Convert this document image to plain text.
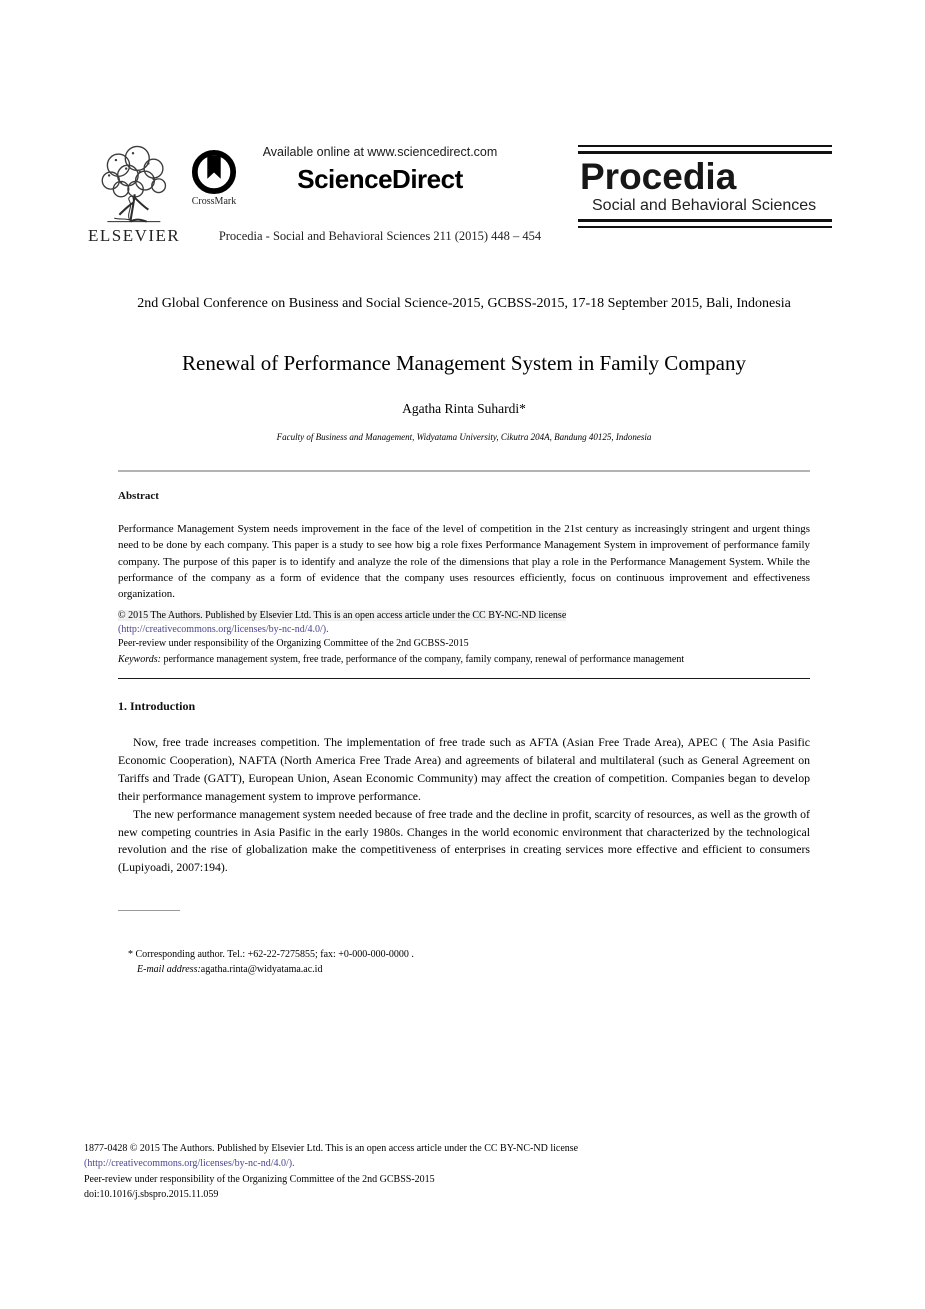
ELSEVIER
CrossMark
Available online at www.sciencedirect.com
ScienceDirect
Procedia - Social and Behavioral Sciences 211 (2015) 448 – 454
Procedia
Social and Behavioral Sciences
2nd Global Conference on Business and Social Science-2015, GCBSS-2015, 17-18 September 2015, Bali, Indonesia
Renewal of Performance Management System in Family Company
Agatha Rinta Suhardi*
Faculty of Business and Management, Widyatama University, Cikutra 204A, Bandung 40125, Indonesia
Abstract
Performance Management System needs improvement in the face of the level of competition in the 21st century as increasingly stringent and urgent things need to be done by each company. This paper is a study to see how big a role fixes Performance Management System in improvement of performance family company. The purpose of this paper is to identify and analyze the role of the dimensions that play a role in the Performance Management System. While the performance of the company as a form of evidence that the company uses resources efficiently, focus on continuous improvement and effectiveness organization.
© 2015 The Authors. Published by Elsevier Ltd. This is an open access article under the CC BY-NC-ND license
(http://creativecommons.org/licenses/by-nc-nd/4.0/).
Peer-review under responsibility of the Organizing Committee of the 2nd GCBSS-2015
Keywords: performance management system, free trade, performance of the company, family company, renewal of performance management
1. Introduction

Now, free trade increases competition. The implementation of free trade such as AFTA (Asian Free Trade Area), APEC ( The Asia Pasific Economic Cooperation), NAFTA (North America Free Trade Area) and agreements of bilateral and multilateral (such as General Agreement on Tariffs and Trade (GATT), European Union, Asean Economic Community) may affect the creation of competition. Companies began to develop their performance management system to improve performance.

The new performance management system needed because of free trade and the decline in profit, scarcity of resources, as well as the growth of new competing countries in Asia Pasific in the early 1980s. Changes in the world economic environment that characterized by the technological revolution and the rise of globalization make the competitiveness of enterprises in creating services more effective and efficient to consumers (Lupiyoadi, 2007:194).

* Corresponding author. Tel.: +62-22-7275855; fax: +0-000-000-0000 .
E-mail address:agatha.rinta@widyatama.ac.id
1877-0428 © 2015 The Authors. Published by Elsevier Ltd. This is an open access article under the CC BY-NC-ND license
(http://creativecommons.org/licenses/by-nc-nd/4.0/).
Peer-review under responsibility of the Organizing Committee of the 2nd GCBSS-2015
doi:10.1016/j.sbspro.2015.11.059
